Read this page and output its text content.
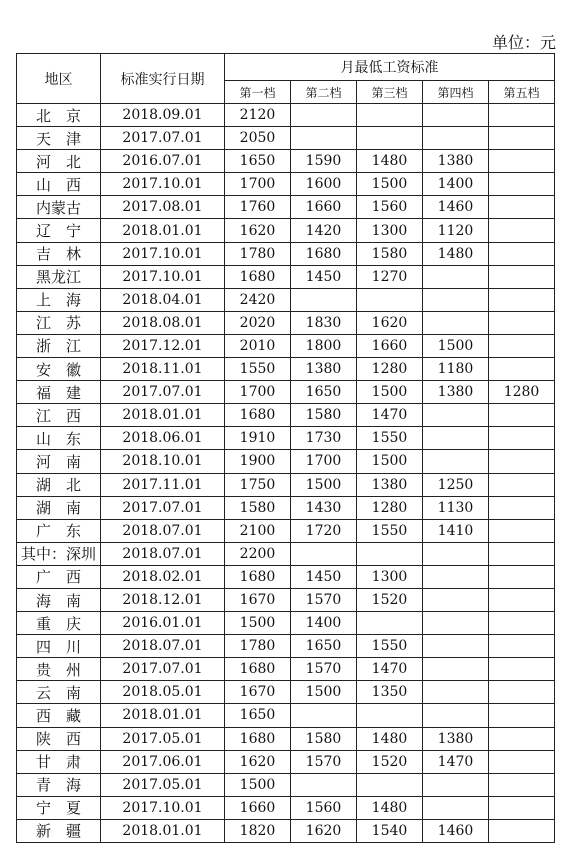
单位：元
地区	标准实行日期	月最低工资标准				
		第一档	第二档	第三档	第四档	第五档
北　京	2018.09.01	2120				
天　津	2017.07.01	2050				
河　北	2016.07.01	1650	1590	1480	1380	
山　西	2017.10.01	1700	1600	1500	1400	
内蒙古	2017.08.01	1760	1660	1560	1460	
辽　宁	2018.01.01	1620	1420	1300	1120	
吉　林	2017.10.01	1780	1680	1580	1480	
黑龙江	2017.10.01	1680	1450	1270		
上　海	2018.04.01	2420				
江　苏	2018.08.01	2020	1830	1620		
浙　江	2017.12.01	2010	1800	1660	1500	
安　徽	2018.11.01	1550	1380	1280	1180	
福　建	2017.07.01	1700	1650	1500	1380	1280
江　西	2018.01.01	1680	1580	1470		
山　东	2018.06.01	1910	1730	1550		
河　南	2018.10.01	1900	1700	1500		
湖　北	2017.11.01	1750	1500	1380	1250	
湖　南	2017.07.01	1580	1430	1280	1130	
广　东	2018.07.01	2100	1720	1550	1410	
其中：深圳	2018.07.01	2200				
广　西	2018.02.01	1680	1450	1300		
海　南	2018.12.01	1670	1570	1520		
重　庆	2016.01.01	1500	1400			
四　川	2018.07.01	1780	1650	1550		
贵　州	2017.07.01	1680	1570	1470		
云　南	2018.05.01	1670	1500	1350		
西　藏	2018.01.01	1650				
陕　西	2017.05.01	1680	1580	1480	1380	
甘　肃	2017.06.01	1620	1570	1520	1470	
青　海	2017.05.01	1500				
宁　夏	2017.10.01	1660	1560	1480		
新　疆	2018.01.01	1820	1620	1540	1460	
